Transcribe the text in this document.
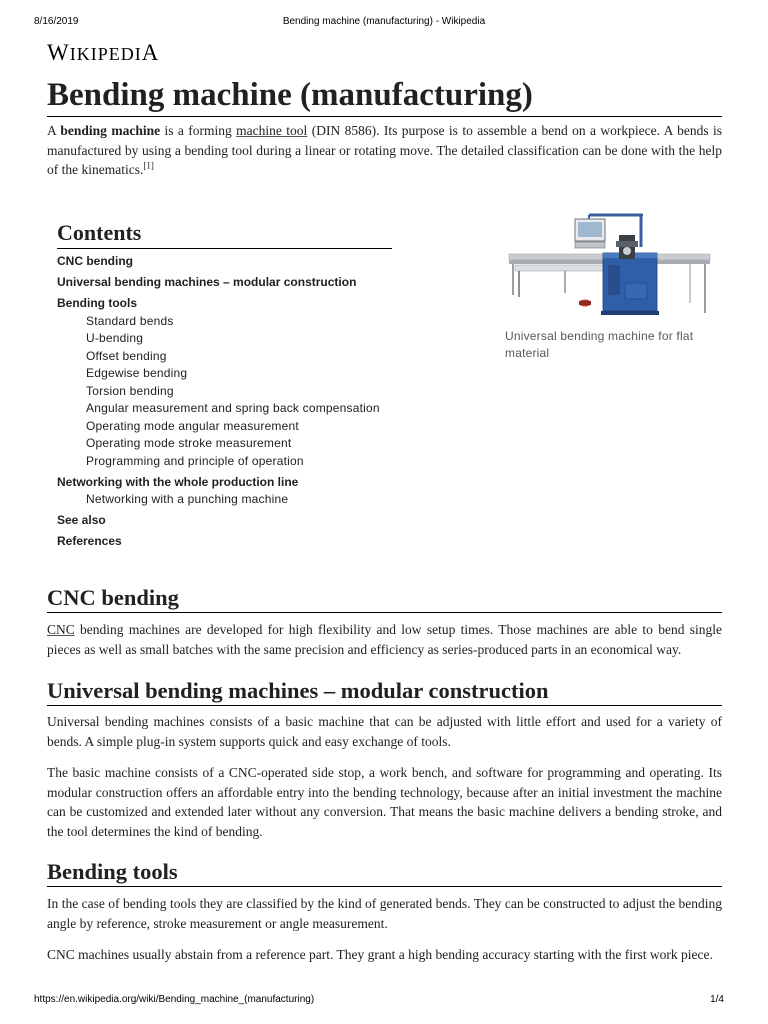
8/16/2019	Bending machine (manufacturing) - Wikipedia
WIKIPEDIA
Bending machine (manufacturing)

A bending machine is a forming machine tool (DIN 8586). Its purpose is to assemble a bend on a workpiece. A bends is manufactured by using a bending tool during a linear or rotating move. The detailed classification can be done with the help of the kinematics.[1]

Contents
CNC bending
Universal bending machines – modular construction
Bending tools
Standard bends
U-bending
Offset bending
Edgewise bending
Torsion bending
Angular measurement and spring back compensation
Operating mode angular measurement
Operating mode stroke measurement
Programming and principle of operation
Networking with the whole production line
Networking with a punching machine
See also
References
Universal bending machine for flat material
CNC bending

CNC bending machines are developed for high flexibility and low setup times. Those machines are able to bend single pieces as well as small batches with the same precision and efficiency as series-produced parts in an economical way.

Universal bending machines – modular construction

Universal bending machines consists of a basic machine that can be adjusted with little effort and used for a variety of bends. A simple plug-in system supports quick and easy exchange of tools.

The basic machine consists of a CNC-operated side stop, a work bench, and software for programming and operating. Its modular construction offers an affordable entry into the bending technology, because after an initial investment the machine can be customized and extended later without any conversion. That means the basic machine delivers a bending stroke, and the tool determines the kind of bending.

Bending tools

In the case of bending tools they are classified by the kind of generated bends. They can be constructed to adjust the bending angle by reference, stroke measurement or angle measurement.

CNC machines usually abstain from a reference part. They grant a high bending accuracy starting with the first work piece.

https://en.wikipedia.org/wiki/Bending_machine_(manufacturing)	1/4
